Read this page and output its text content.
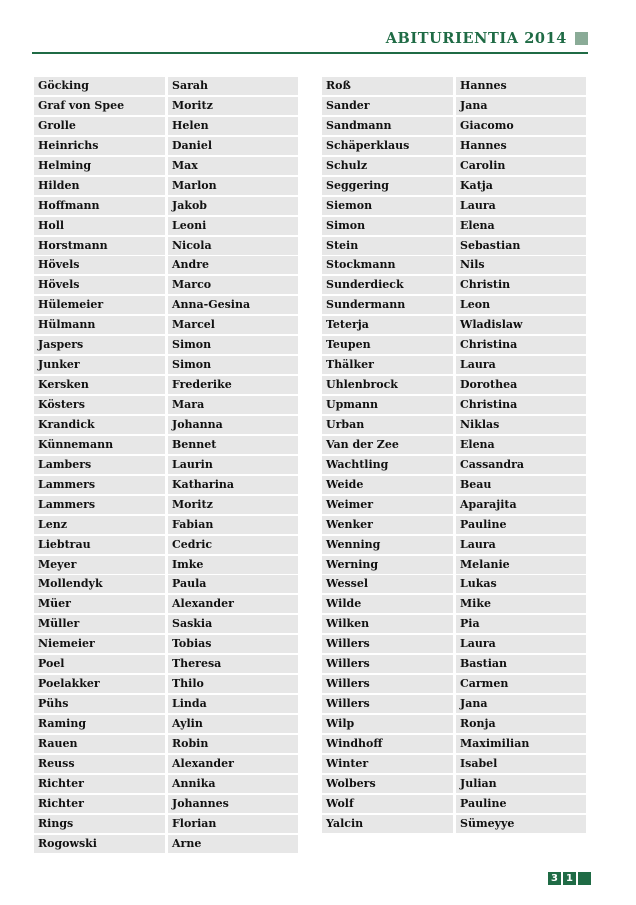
ABITURIENTIA 2014
Göcking	Sarah
Graf von Spee	Moritz
Grolle	Helen
Heinrichs	Daniel
Helming	Max
Hilden	Marlon
Hoffmann	Jakob
Holl	Leoni
Horstmann	Nicola
Hövels	Andre
Hövels	Marco
Hülemeier	Anna-Gesina
Hülmann	Marcel
Jaspers	Simon
Junker	Simon
Kersken	Frederike
Kösters	Mara
Krandick	Johanna
Künnemann	Bennet
Lambers	Laurin
Lammers	Katharina
Lammers	Moritz
Lenz	Fabian
Liebtrau	Cedric
Meyer	Imke
Mollendyk	Paula
Müer	Alexander
Müller	Saskia
Niemeier	Tobias
Poel	Theresa
Poelakker	Thilo
Pühs	Linda
Raming	Aylin
Rauen	Robin
Reuss	Alexander
Richter	Annika
Richter	Johannes
Rings	Florian
Rogowski	Arne
Roß	Hannes
Sander	Jana
Sandmann	Giacomo
Schäperklaus	Hannes
Schulz	Carolin
Seggering	Katja
Siemon	Laura
Simon	Elena
Stein	Sebastian
Stockmann	Nils
Sunderdieck	Christin
Sundermann	Leon
Teterja	Wladislaw
Teupen	Christina
Thälker	Laura
Uhlenbrock	Dorothea
Upmann	Christina
Urban	Niklas
Van der Zee	Elena
Wachtling	Cassandra
Weide	Beau
Weimer	Aparajita
Wenker	Pauline
Wenning	Laura
Werning	Melanie
Wessel	Lukas
Wilde	Mike
Wilken	Pia
Willers	Laura
Willers	Bastian
Willers	Carmen
Willers	Jana
Wilp	Ronja
Windhoff	Maximilian
Winter	Isabel
Wolbers	Julian
Wolf	Pauline
Yalcin	Sümeyye
3 1
